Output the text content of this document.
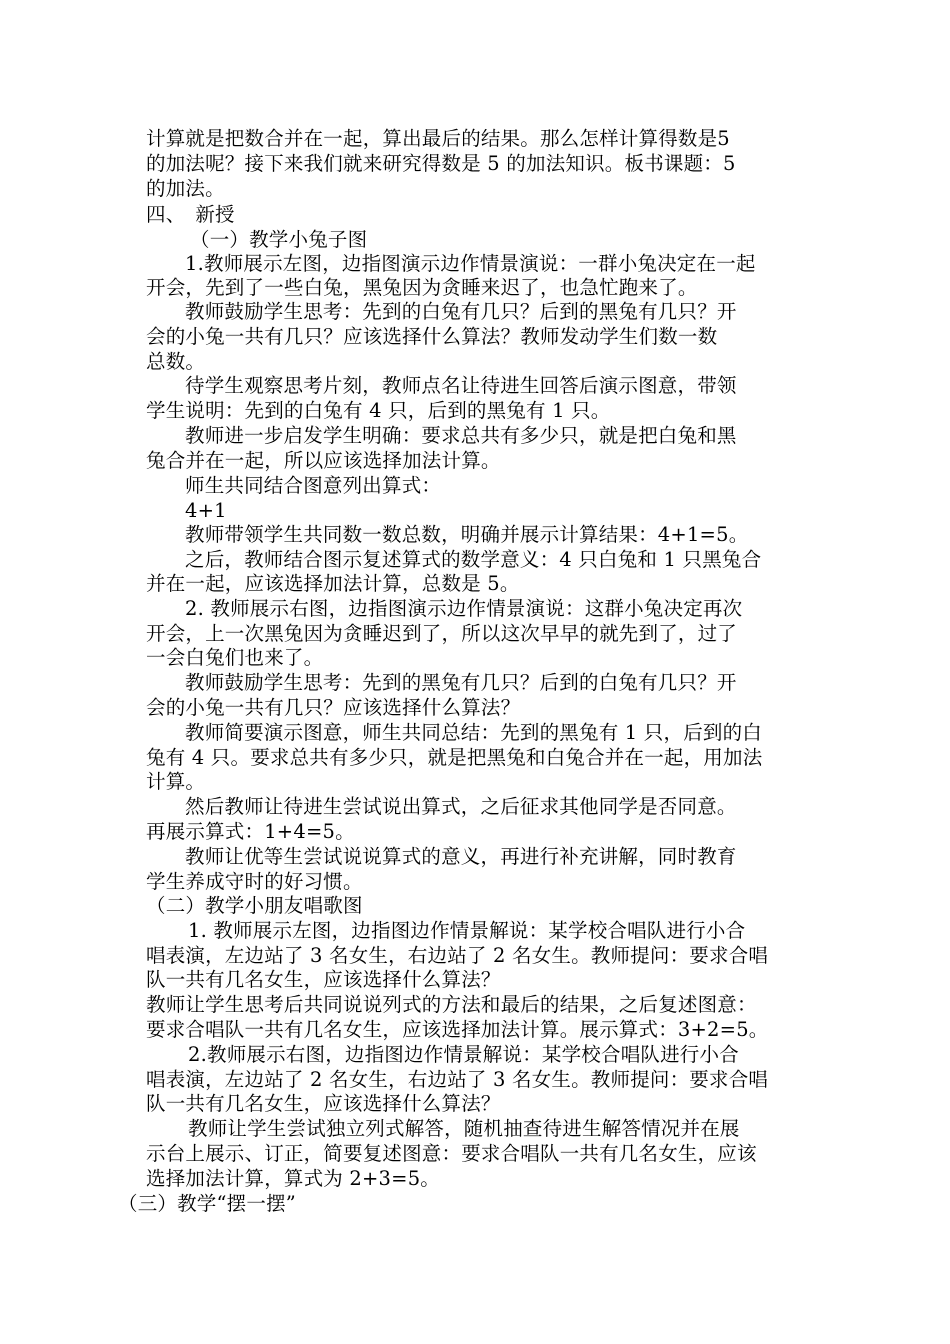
计算就是把数合并在一起，算出最后的结果。那么怎样计算得数是5
的加法呢？接下来我们就来研究得数是 5 的加法知识。板书课题：5
的加法。
四、　新授
（一）教学小兔子图
1.教师展示左图，边指图演示边作情景演说：一群小兔决定在一起
开会，先到了一些白兔，黑兔因为贪睡来迟了，也急忙跑来了。
教师鼓励学生思考：先到的白兔有几只？后到的黑兔有几只？开
会的小兔一共有几只？应该选择什么算法？教师发动学生们数一数
总数。
待学生观察思考片刻，教师点名让待进生回答后演示图意，带领
学生说明：先到的白兔有 4 只，后到的黑兔有 1 只。
教师进一步启发学生明确：要求总共有多少只，就是把白兔和黑
兔合并在一起，所以应该选择加法计算。
师生共同结合图意列出算式：
4+1
教师带领学生共同数一数总数，明确并展示计算结果：4+1=5。
之后，教师结合图示复述算式的数学意义：4 只白兔和 1 只黑兔合
并在一起，应该选择加法计算，总数是 5。
2. 教师展示右图，边指图演示边作情景演说：这群小兔决定再次
开会，上一次黑兔因为贪睡迟到了，所以这次早早的就先到了，过了
一会白兔们也来了。
教师鼓励学生思考：先到的黑兔有几只？后到的白兔有几只？开
会的小兔一共有几只？应该选择什么算法？
教师简要演示图意，师生共同总结：先到的黑兔有 1 只，后到的白
兔有 4 只。要求总共有多少只，就是把黑兔和白兔合并在一起，用加法
计算。
然后教师让待进生尝试说出算式，之后征求其他同学是否同意。
再展示算式：1+4=5。
教师让优等生尝试说说算式的意义，再进行补充讲解，同时教育
学生养成守时的好习惯。
（二）教学小朋友唱歌图
1. 教师展示左图，边指图边作情景解说：某学校合唱队进行小合
唱表演，左边站了 3 名女生，右边站了 2 名女生。教师提问：要求合唱
队一共有几名女生，应该选择什么算法？
教师让学生思考后共同说说列式的方法和最后的结果，之后复述图意：
要求合唱队一共有几名女生，应该选择加法计算。展示算式：3+2=5。
2.教师展示右图，边指图边作情景解说：某学校合唱队进行小合
唱表演，左边站了 2 名女生，右边站了 3 名女生。教师提问：要求合唱
队一共有几名女生，应该选择什么算法？
教师让学生尝试独立列式解答，随机抽查待进生解答情况并在展
示台上展示、订正，简要复述图意：要求合唱队一共有几名女生，应该
选择加法计算，算式为 2+3=5。
（三）教学“摆一摆”
